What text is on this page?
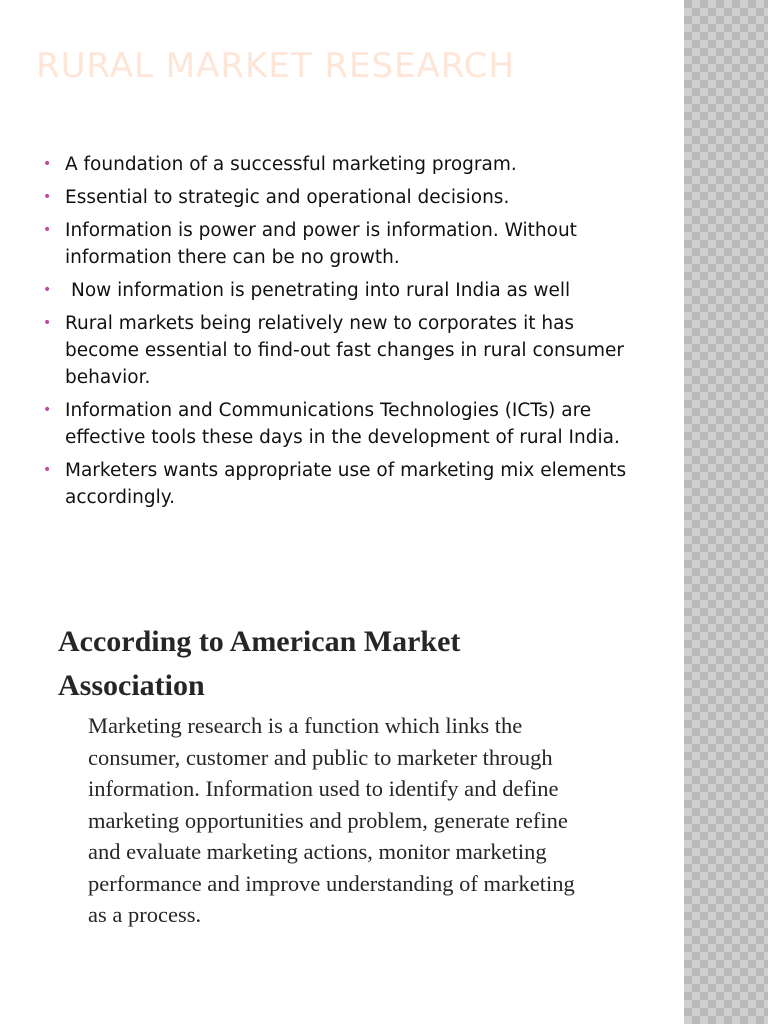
RURAL MARKET RESEARCH
• A foundation of a successful marketing program.
• Essential to strategic and operational decisions.
• Information is power and power is information. Without information there can be no growth.
• Now information is penetrating into rural India as well
• Rural markets being relatively new to corporates it has become essential to find-out fast changes in rural consumer behavior.
• Information and Communications Technologies (ICTs) are effective tools these days in the development of rural India.
• Marketers wants appropriate use of marketing mix elements accordingly.
According to American Market Association

Marketing research is a function which links the
consumer, customer and public to marketer through
information. Information used to identify and define
marketing opportunities and problem, generate refine
and evaluate marketing actions, monitor marketing
performance and improve understanding of marketing
as a process.
